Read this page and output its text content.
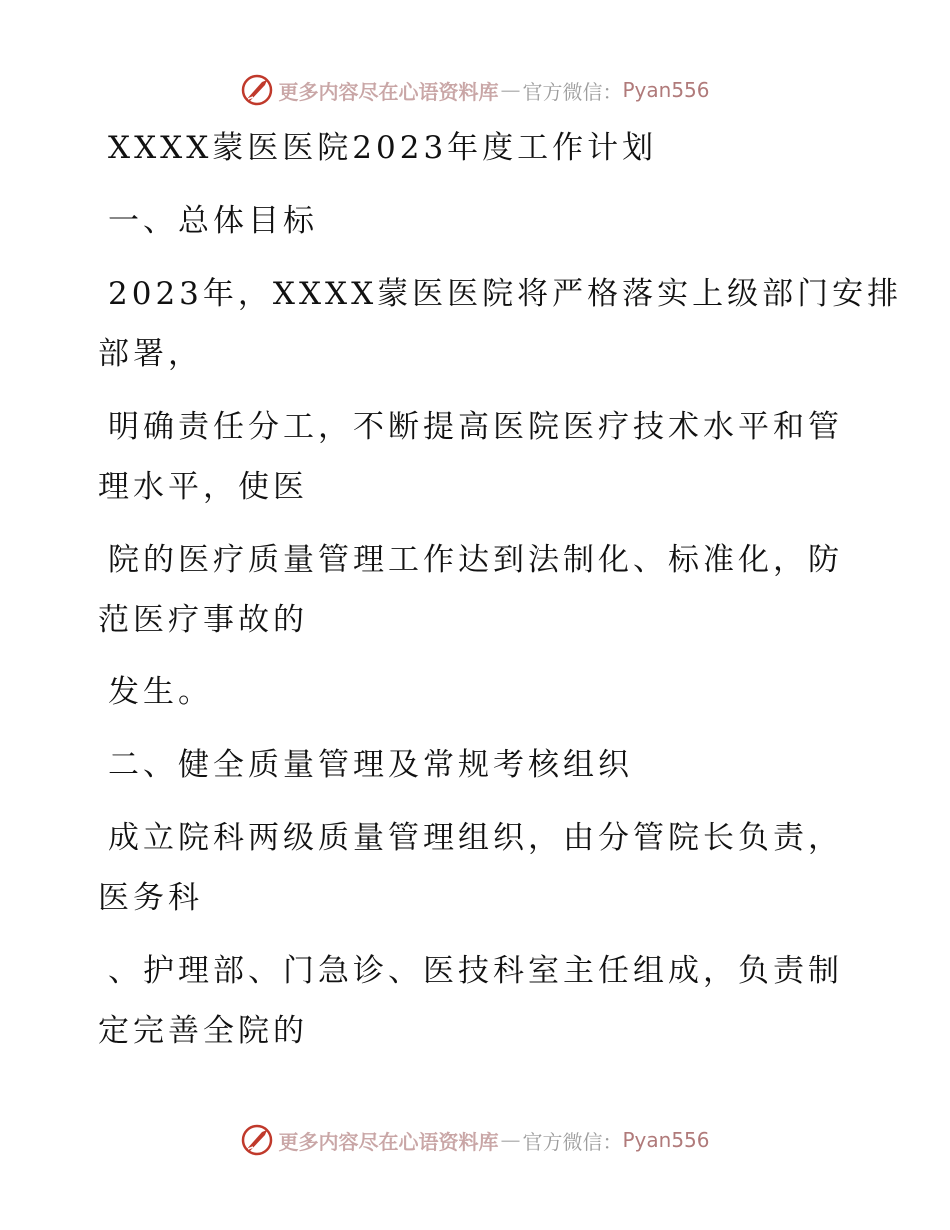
更多内容尽在心语资料库 — 官方微信： Pyan556
XXXX蒙医医院2023年度工作计划
一、总体目标
2023年，XXXX蒙医医院将严格落实上级部门安排
部署，
明确责任分工，不断提高医院医疗技术水平和管
理水平，使医
院的医疗质量管理工作达到法制化、标准化，防
范医疗事故的
发生。
二、健全质量管理及常规考核组织
成立院科两级质量管理组织，由分管院长负责，
医务科
、护理部、门急诊、医技科室主任组成，负责制
定完善全院的
更多内容尽在心语资料库 — 官方微信： Pyan556
